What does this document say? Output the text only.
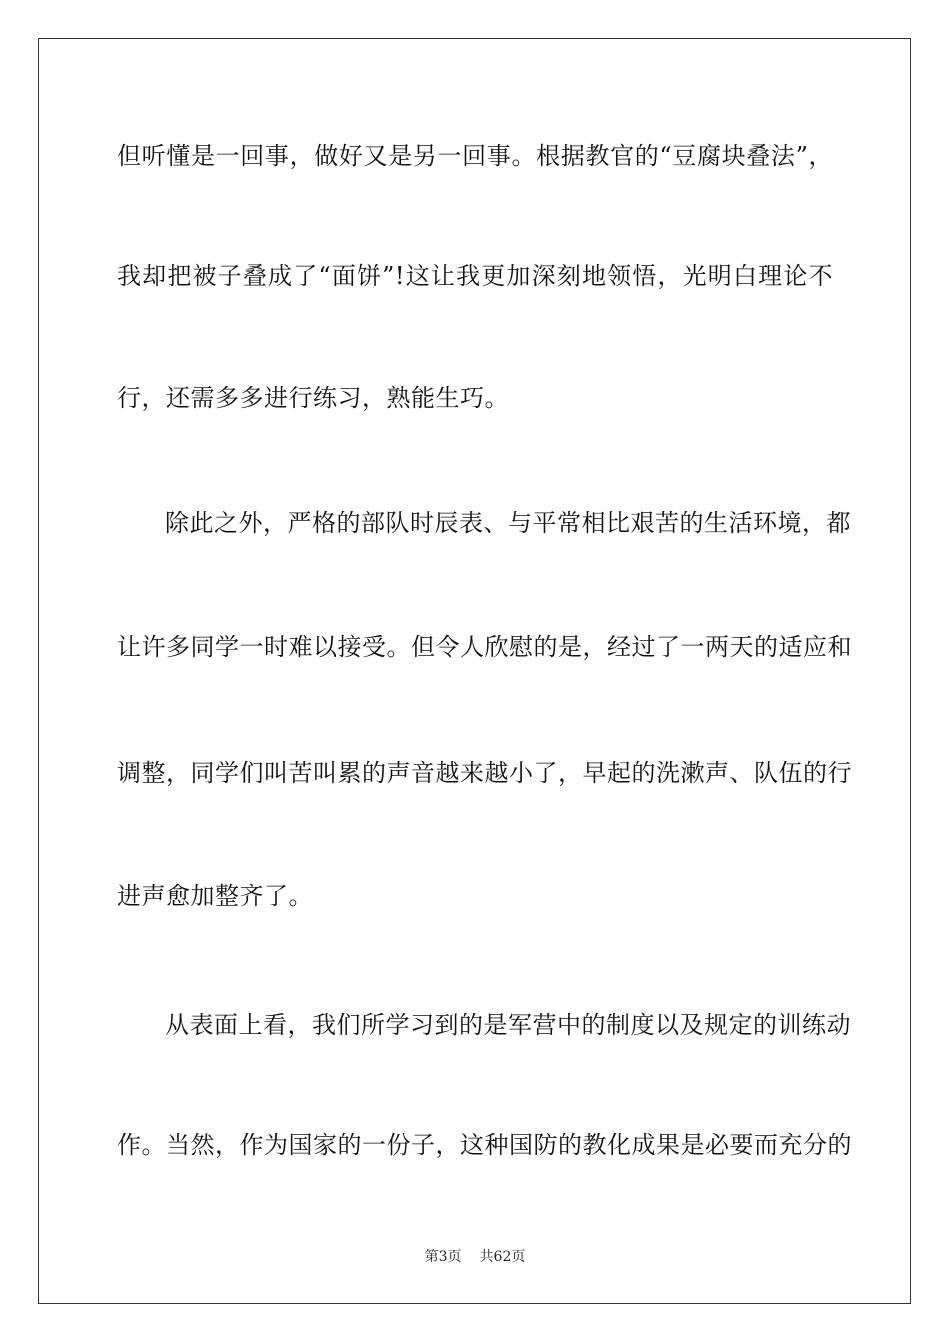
但听懂是一回事，做好又是另一回事。根据教官的“豆腐块叠法”，
我却把被子叠成了“面饼”!这让我更加深刻地领悟，光明白理论不
行，还需多多进行练习，熟能生巧。
除此之外，严格的部队时辰表、与平常相比艰苦的生活环境，都
让许多同学一时难以接受。但令人欣慰的是，经过了一两天的适应和
调整，同学们叫苦叫累的声音越来越小了，早起的洗漱声、队伍的行
进声愈加整齐了。
从表面上看，我们所学习到的是军营中的制度以及规定的训练动
作。当然，作为国家的一份子，这种国防的教化成果是必要而充分的
第3页 共62页
